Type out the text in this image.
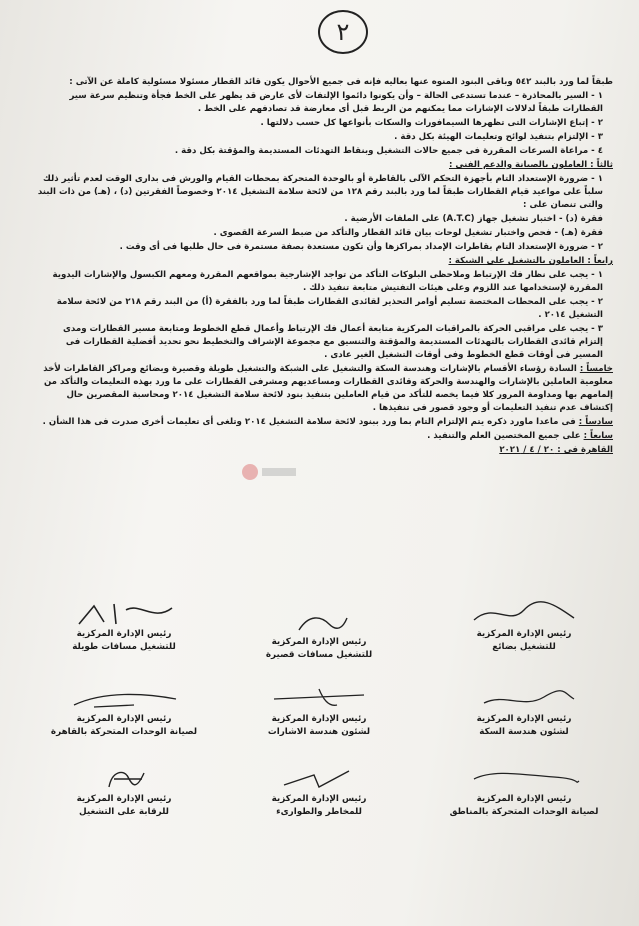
٢

طبقاً لما ورد بالبند ٥٤٢ وباقى البنود المنوه عنها بعاليه فإنه فى جميع الأحوال يكون قائد القطار مسئولا مسئولية كاملة عن الآتى :

١ - السير بالمحاذرة – عندما تستدعى الحالة – وأن يكونوا دائموا الإلتفات لأى عارض قد يظهر على الخط فجأة وتنظيم سرعة سير القطارات طبقاً لدلالات الإشارات مما يمكنهم من الربط قبل أى معارضة قد تصادفهم على الخط .

٢ - إتباع الإشارات التى تظهرها السيمافورات والسكات بأنواعها كل حسب دلالتها .

٣ - الإلتزام بتنفيذ لوائح وتعليمات الهيئة بكل دقة .

٤ - مراعاة السرعات المقررة فى جميع حالات التشغيل وبنقاط التهدئات المستديمة والمؤقتة بكل دقة .

ثالثاً : العاملون بالصيانة والدعم الفنى :

١ - ضرورة الإستعداد التام بأجهزة التحكم الآلى بالقاطرة أو بالوحدة المتحركة بمحطات القيام والورش فى بدارى الوقت لعدم تأثير ذلك سلباً على مواعيد قيام القطارات طبقاً لما ورد بالبند رقم ١٢٨ من لائحة سلامة التشغيل ٢٠١٤ وخصوصاً الفقرتين (د) ، (هـ) من ذات البند والتى تنصان على :

فقرة (د) - اختبار تشغيل جهاز (A.T.C) على الملفات الأرضية .

فقرة (هـ) - فحص واختبار تشغيل لوحات بيان قائد القطار والتأكد من ضبط السرعة القصوى .

٢ - ضرورة الإستعداد التام بقاطرات الإمداد بمراكزها وأن تكون مستعدة بصفة مستمرة فى حال طلبها فى أى وقت .

رابعاً : العاملون بالتشغيل على الشبكة :

١ - يجب على نظار فك الإرتباط وملاحظى البلوكات التأكد من تواجد الإشارجية بمواقعهم المقررة ومعهم الكبسول والإشارات اليدوية المقررة لإستخدامها عند اللزوم وعلى هيئات التفتيش متابعة تنفيذ ذلك .

٢ - يجب على المحطات المختصة تسليم أوامر التحذير لقائدى القطارات طبقاً لما ورد بالفقرة (أ) من البند رقم ٢١٨ من لائحة سلامة التشغيل ٢٠١٤ .

٣ - يجب على مراقبى الحركة بالمراقبات المركزية متابعة أعمال فك الإرتباط وأعمال قطع الخطوط ومتابعة مسير القطارات ومدى إلتزام قائدى القطارات بالتهدئات المستديمة والمؤقتة والتنسيق مع مجموعة الإشراف والتخطيط نحو تحديد أفضلية القطارات فى المسير فى أوقات قطع الخطوط وفى أوقات التشغيل الغير عادى .

خامساً : السادة رؤساء الأقسام بالإشارات وهندسة السكة والتشغيل على الشبكة والتشغيل طويلة وقصيرة وبضائع ومراكز القاطرات لأخذ معلومية العاملين بالإشارات والهندسة والحركة وقائدى القطارات ومساعديهم ومشرفى القطارات على ما ورد بهذه التعليمات والتأكد من إلمامهم بها ومداومة المرور كلا فيما يخصه للتأكد من قيام العاملين بتنفيذ بنود لائحة سلامة التشغيل ٢٠١٤ ومحاسبة المقصرين حال إكتشاف عدم تنفيذ التعليمات أو وجود قصور فى تنفيذها .

سادساً : فى ماعدا ماورد ذكره يتم الإلتزام التام بما ورد ببنود لائحة سلامة التشغيل ٢٠١٤ وتلغى أى تعليمات أخرى صدرت فى هذا الشأن .

سابعاً : على جميع المختصين العلم والتنفيذ .

القاهرة فى : ٢٠ / ٤ / ٢٠٢١

رئيس الإدارة المركزية
للتشغيل بضائع
رئيس الإدارة المركزية
للتشغيل مسافات قصيرة
رئيس الإدارة المركزية
للتشغيل مسافات طويلة
رئيس الإدارة المركزية
لشئون هندسة السكة
رئيس الإدارة المركزية
لشئون هندسة الاشارات
رئيس الإدارة المركزية
لصيانة الوحدات المتحركة بالقاهرة
رئيس الإدارة المركزية
لصيانة الوحدات المتحركة بالمناطق
رئيس الإدارة المركزية
للمخاطر والطوارىء
رئيس الإدارة المركزية
للرقابة على التشغيل
